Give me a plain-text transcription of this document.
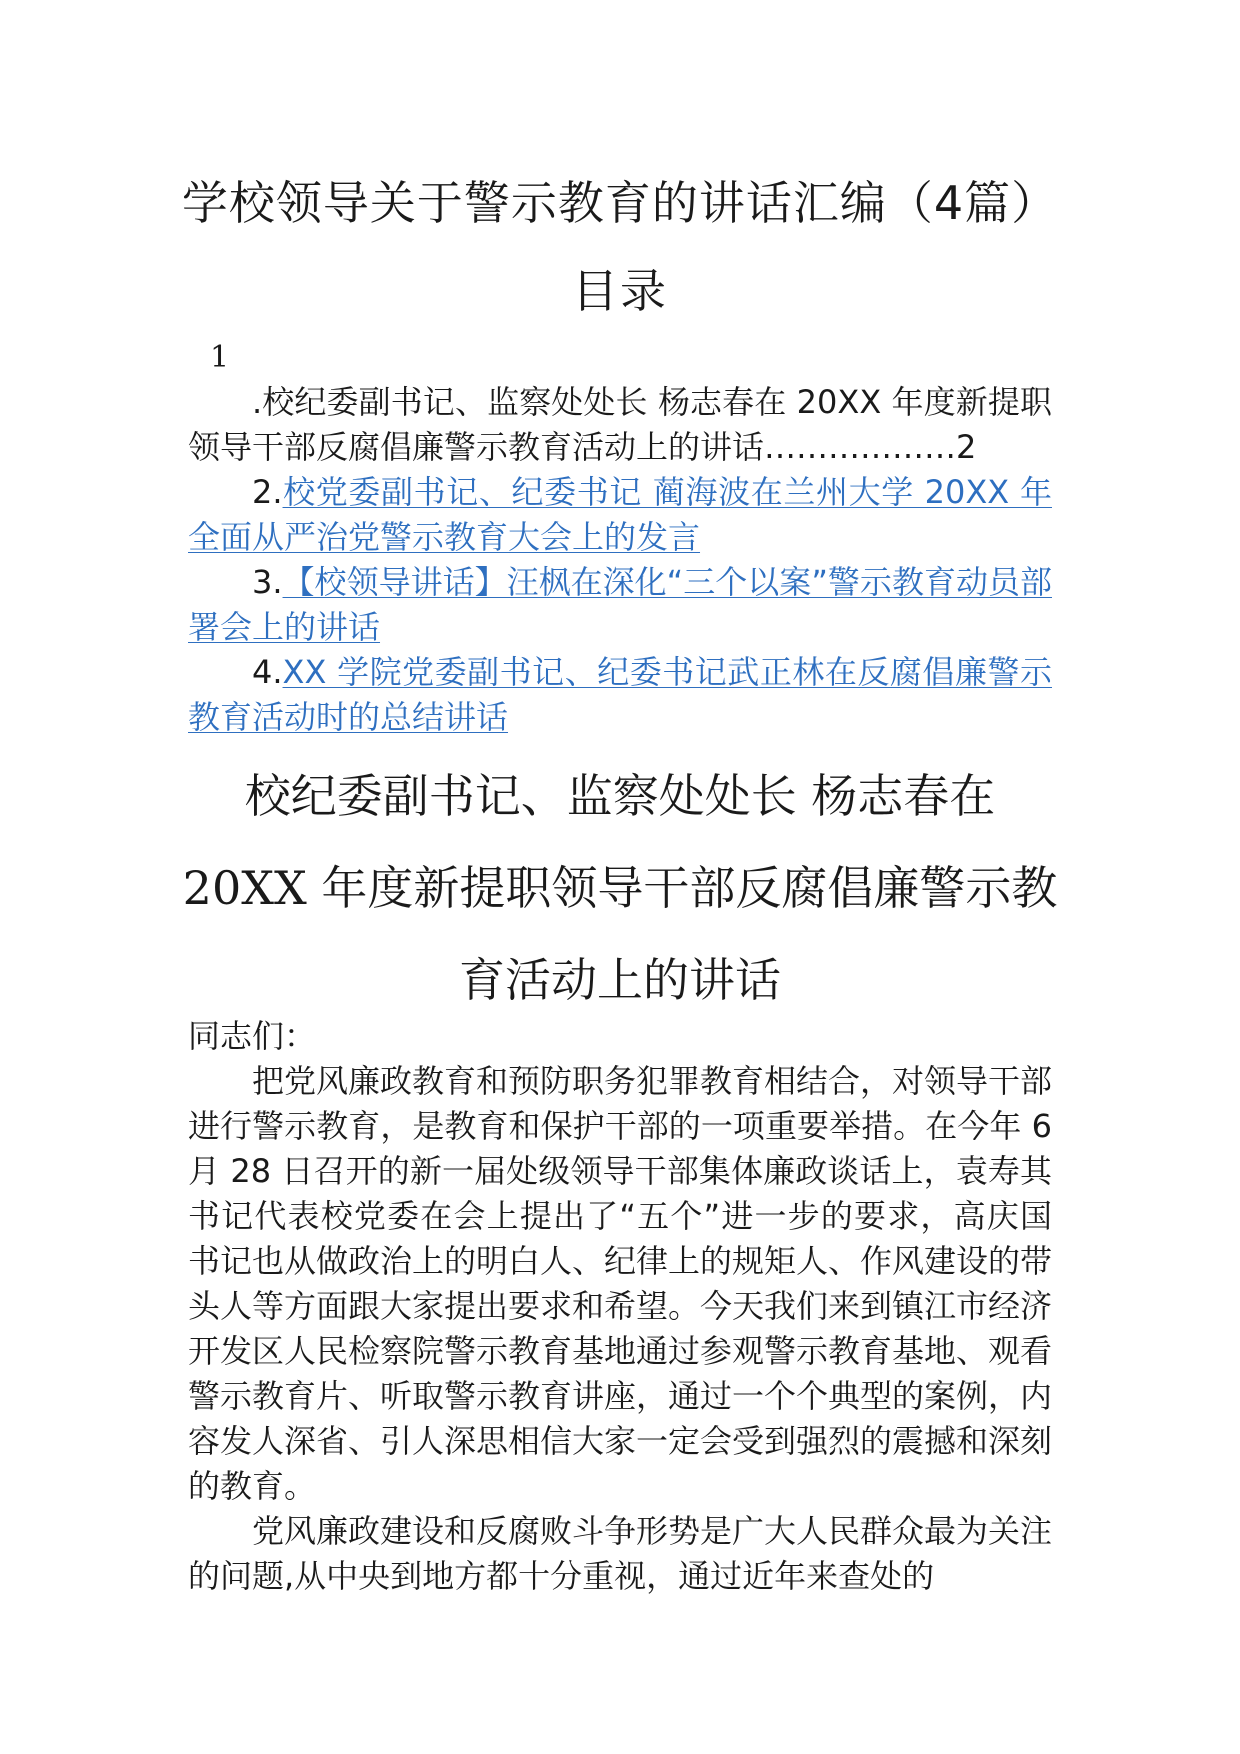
学校领导关于警示教育的讲话汇编（4篇）
目录
1

.校纪委副书记、监察处处长 杨志春在 20XX 年度新提职领导干部反腐倡廉警示教育活动上的讲话………………2

2.校党委副书记、纪委书记 蔺海波在兰州大学 20XX 年全面从严治党警示教育大会上的发言

3.【校领导讲话】汪枫在深化“三个以案”警示教育动员部署会上的讲话

4.XX 学院党委副书记、纪委书记武正林在反腐倡廉警示教育活动时的总结讲话

校纪委副书记、监察处处长 杨志春在
20XX 年度新提职领导干部反腐倡廉警示教
育活动上的讲话

同志们：

把党风廉政教育和预防职务犯罪教育相结合，对领导干部进行警示教育，是教育和保护干部的一项重要举措。在今年 6 月 28 日召开的新一届处级领导干部集体廉政谈话上，袁寿其书记代表校党委在会上提出了“五个”进一步的要求，高庆国书记也从做政治上的明白人、纪律上的规矩人、作风建设的带头人等方面跟大家提出要求和希望。今天我们来到镇江市经济开发区人民检察院警示教育基地通过参观警示教育基地、观看警示教育片、听取警示教育讲座，通过一个个典型的案例，内容发人深省、引人深思相信大家一定会受到强烈的震撼和深刻的教育。

党风廉政建设和反腐败斗争形势是广大人民群众最为关注的问题,从中央到地方都十分重视，通过近年来查处的
